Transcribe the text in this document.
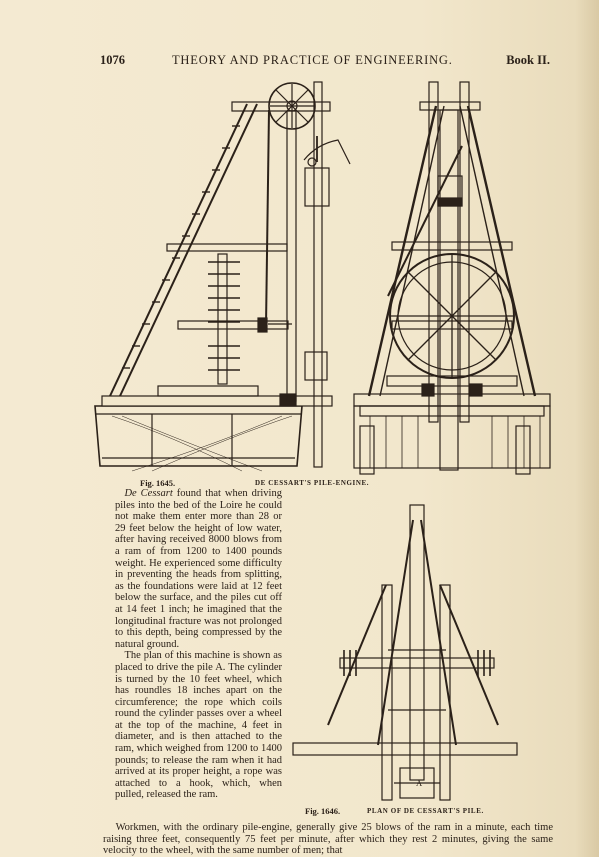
1076	THEORY AND PRACTICE OF ENGINEERING.	Book II.
Fig. 1645.	DE CESSART'S PILE-ENGINE.
A
Fig. 1646.	PLAN OF DE CESSART'S PILE.

De Cessart found that when driving piles into the bed of the Loire he could not make them enter more than 28 or 29 feet below the height of low water, after having received 8000 blows from a ram of from 1200 to 1400 pounds weight. He experienced some difficulty in preventing the heads from splitting, as the foundations were laid at 12 feet below the surface, and the piles cut off at 14 feet 1 inch; he imagined that the longitudinal fracture was not prolonged to this depth, being compressed by the natural ground.

The plan of this machine is shown as placed to drive the pile A. The cylinder is turned by the 10 feet wheel, which has roundles 18 inches apart on the circumference; the rope which coils round the cylinder passes over a wheel at the top of the machine, 4 feet in diameter, and is then attached to the ram, which weighed from 1200 to 1400 pounds; to release the ram when it had arrived at its proper height, a rope was attached to a hook, which, when pulled, released the ram.

Workmen, with the ordinary pile-engine, generally give 25 blows of the ram in a minute, each time raising three feet, consequently 75 feet per minute, after which they rest 2 minutes, giving the same velocity to the wheel, with the same number of men; that
